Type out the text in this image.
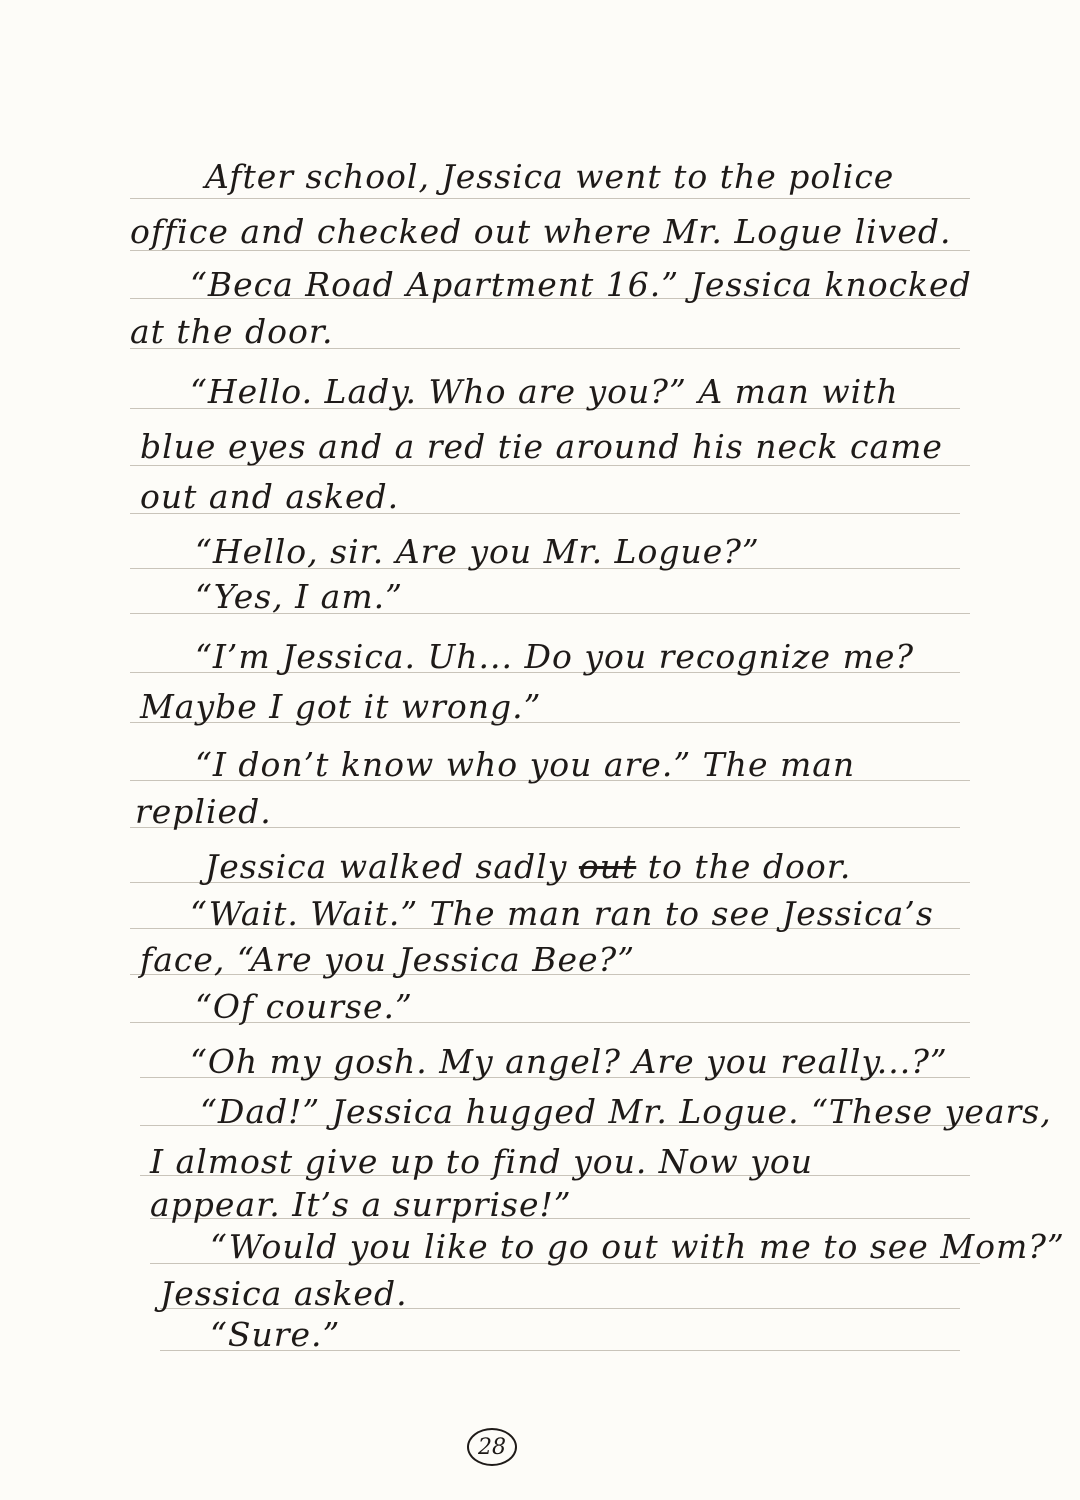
After school, Jessica went to the police
office and checked out where Mr. Logue lived.
“Beca Road Apartment 16.” Jessica knocked
at the door.
“Hello. Lady. Who are you?” A man with
blue eyes and a red tie around his neck came
out and asked.
“Hello, sir. Are you Mr. Logue?”
“Yes, I am.”
“I’m Jessica. Uh... Do you recognize me?
Maybe I got it wrong.”
“I don’t know who you are.” The man
replied.
Jessica walked sadly out to the door.
“Wait. Wait.” The man ran to see Jessica’s
face, “Are you Jessica Bee?”
“Of course.”
“Oh my gosh. My angel? Are you really...?”
“Dad!” Jessica hugged Mr. Logue. “These years,
I almost give up to find you. Now you
appear. It’s a surprise!”
“Would you like to go out with me to see Mom?”
Jessica asked.
“Sure.”
28
